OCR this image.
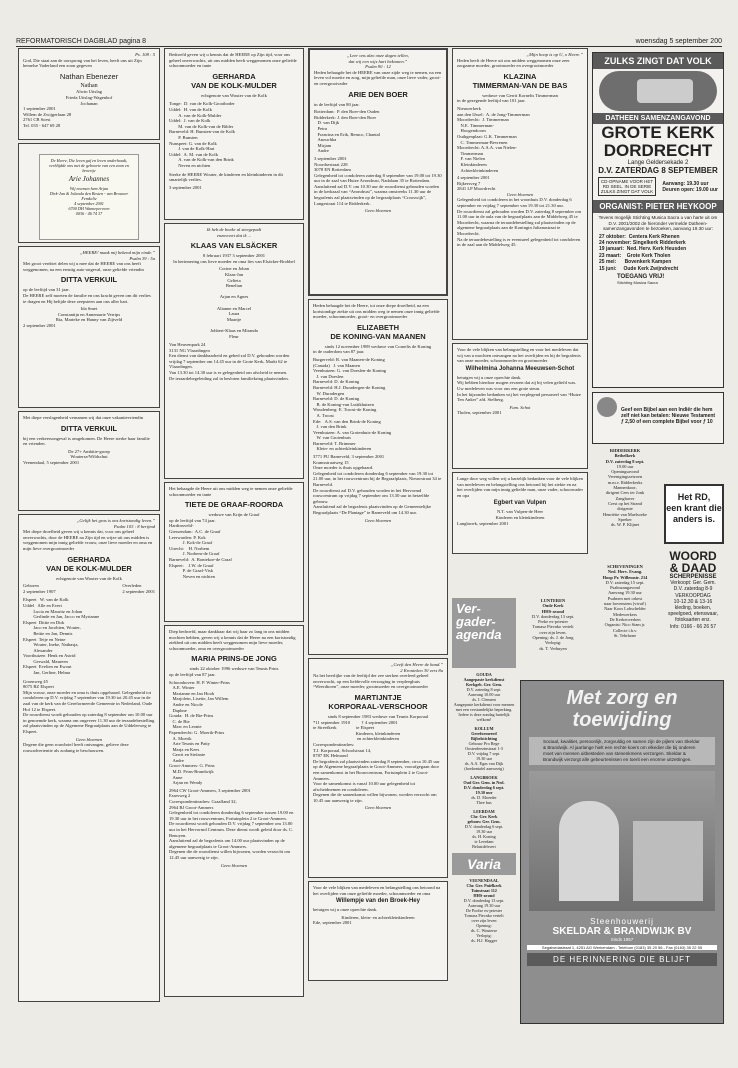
REFORMATORISCH DAGBLAD pagina 8	woensdag 5 september 200
Ps. 108 : 5

God, Die staat aan de oorsprong van het leven, heeft ons uit Zijn hemelse Vaderland een zoon gegeven

Nathan Ebenezer
Nathan
Alwin Uitslag
Frieda Uitslag-Wagenhof
Jochanan
1 september 2001
Willem de Zwijgerlaan 28
2761 CB Soest
Tel. 035 - 647 69 28
De Heere, Die leven gaf en leven onderhoudt, verblijdde ons met de geboorte van een zoon en broertje
Arie Johannes
Wij noemen hem Arjan
Dirk-Jan & Jolanda den Besten - van Brouwer
Femkelie
4 september 2001
6700 DH Wanneperveen
0036 - 46 74 37
„HEERE! maak mij bekend mijn einde.”
Psalm 39 : 5a

Met groot verdriet delen wij u mee dat de HEERE van ons heeft weggenomen, na een ernstig auto-ongeval, onze geliefde vriendin

DITTA VERKUIL

op de leeftijd van 31 jaar.
De HEERE zelf moeten de familie en ons kracht geven om dit verlies te dragen en Hij belijde deze zeepsteen aan ons aller hart.

Ida Smet
Constantijn en Annemarie Verrips
Ria, Marieke en Hanny van Zijtveld
2 september 2001

Met diepe verslagenheid vernamen wij dat onze vakantievriendin

DITTA VERKUIL

bij een verkeersongeval is omgekomen. De Heere sterke haar familie en vrienden.

De 27+ Ambitie-groep
Wouterse/Wildschut
Veenendaal, 5 september 2001
„Gelijk het gras is ons kortstondig leven.”
Psalm 103 : 8 berijmd

Met diepe droefheid geven wij u kennis dat, voor ons geheel onverwachts, door de HEERE na Zijn tijd en wijze uit ons midden is weggenomen mijn innig geliefde vrouw, onze lieve moeder en oma en mijn lieve overgrootmoeder

GERHARDA
VAN DE KOLK-MULDER
echtgenote van Wouter van de Kolk
Geboren
2 september 1907
Overleden
2 september 2001
Elspeet   W. van de Kolk
Uddel   Alle en Evert
Lucia en Mauritz en Johan
Gerlinde en Jan, Jacco en Myrianne
Elspeet  Dittie en Dirk
Jaco en Jacobien, Wouter,
Bettie en Jan, Dennis
Elspeet  Teije en Neine
Wouter, Ineke, Nathasja,
Alexander
Voorthuizen  Henk en Astrid
Gerwald, Maureen
Elspeet  Evelien en Ewout
Jan, Gerline, Helma
Groenweg 45
8075 RZ Elspeet

Mijn vrouw, onze moeder en oma is thuis opgebaard. Gelegenheid tot condoleren op D.V. vrijdag 7 september van 19.30 tot 20.45 uur in de zaal van de kerk van de Gereformeerde Gemeente in Nederland, Oude Hof 12 te Elspeet.
De rouwdienst wordt gehouden op zaterdag 8 september om 10.00 uur in genoemde kerk, waarna om ongeveer 11.30 uur de teraardebestelling zal plaatsvinden op de Algemene Begraafplaats aan de Uddelerweg te Elspeet.

Geen bloemen

Degene die geen rouwbrief heeft ontvangen, gelieve deze rouwadvertentie als zodanig te beschouwen.

Bedroefd geven wij u kennis dat de HEERE op Zijn tijd, voor ons geheel onverwachts, uit ons midden heeft weggenomen onze geliefde schoonmoeder en tante

GERHARDA
VAN DE KOLK-MULDER
echtgenote van Wouter van de Kolk
Tonge:  D. van de Kolk-Grootboder
Uddel:  H. van de Kolk
A. van de Kolk-Mulder
Uddel:  J. van de Kolk
M. van de Kolk-van de Bilder
Barneveld: H. Bunsten-van de Kolk
P. Bunsten
Nunspeet: G. van de Kolk
J. van de Kolk-Hart
Uddel:  A. M. van de Kolk
A. van de Kolk-van den Brink
Neven en nichten

Sterke de HEERE Wouter, de kinderen en kleinkinderen in dit smartelijk verlies.

3 september 2001
Ik heb de boeke al steegepadt
enzovoort dat ik ...
KLAAS VAN ELSÄCKER
8 februari 1937 3 september 2001

In herinnering ons lieve moeder en oma lies van Elsäcker-Brobbel

Corine en Johan
Klaas-Jan
Gelieta
Benelian

Arjan en Agnes

Alianne en Marcel
Laura
Maartje

Johbert-Klaas en Miranda
Fleur
Van Heuvenpark 24
3131 NG Vlaardingen

Een dienst van dankbaarheid en gebed zal D.V. gehouden worden vrijdag 7 september om 14.45 uur in de Grote Kerk, Markt 62 te Vlaardingen.
Van 13.30 tot 14.30 uur is er gelegenheid om afscheid te nemen.
De teraardebegeleiding zal in besloten familiekring plaatsvinden.

Het behaagde de Heere uit ons midden weg te nemen onze geliefde schoonmoeder en tante

TIETE DE GRAAF-ROORDA
weduwe van Krijn de Graaf
op de leeftijd van 74 jaar.
Hardinxveld-
Giessendam:  A.C. de Graaf
Leerwarden: P. Kok
J. Kok-de Graaf
Utrecht:    H. Norbem
J. Norbem-de Graaf
Barneveld:  A. Bontekoe-de Graaf
Elspeet:    J.W. de Graaf
P. de Graaf-Visk
Neven en nichten

Diep bedroefd, maar dankbaar dat wij haar zo lang in ons midden mochten hebben, geven wij u kennis dat de Heere na een kortstondig ziekbed uit ons midden heeft weggenomen mijn lieve moeder, schoonmoeder, oma en overgrootmoeder

MARIA PRINS-DE JONG
sinds 22 oktober 1996 weduwe van Teunis Prins
op de leeftijd van 87 jaar.
Schoonhoven: H. P. Winter-Prins
A.E. Winter
Marianne en Jan Hook
Marjolein, Lisette, Jan Willem
Andre en Nicole
Daphne
Gouda:  H. de Bie-Prins
C. de Bie
Marc en Leonie
Papendrecht: G. Moerik-Prins
A. Moerik
Arie Teunis en Patty
Marja en Kees
Gerrit en Stefanie
Andre
Groot-Ammers: G. Prins
M.D. Prins-Brandwijk
Anne
Arjan en Wendy
2964 CW Groot-Ammers, 3 september 2001
Essesweg 2
Correspondentieadres: Graafland 32,
2964 BJ Groot-Ammers

Gelegenheid tot condoleren donderdag 6 september tussen 19.00 en 19.30 uur in het rouwcentrum, Fortuinplein 2 te Groot-Ammers.
De rouwdienst wordt gehouden D.V. vrijdag 7 september om 13.00 uur in het Hervormd Centrum. Deze dienst wordt geleid door ds. C. Benoyen.
Aansluitend zal de begrafenis om 14.00 uur plaatsvinden op de algemene begraafplaats te Groot-Ammers.
Degenen die de rouwdienst willen bijwonen, worden verzocht om 12.45 uur aanwezig te zijn.

Geen bloemen
„Leer ons alzo onze dagen tellen,
dat wij een wijs hart bekomen.”
Psalm 90 : 12

Heden behaagde het de HEERE van onze zijde weg te nemen, na een leven vol moeite en zorg, mijn geliefde man, onze lieve vader, groot- en overgrootvader

ARIE DEN BOER
in de leeftijd van 80 jaar.
Rotterdam:  P. den Boer-den Ouden
Ridderkerk: J. den Boer-den Boer
D. van Dijk
Petra
Francina en Erik, Remco, Chantal
Anouchka
Mirjam
Andre
3 september 2001
Noordsestraat 228
3078 EN Rotterdam

Gelegenheid tot condoleren zaterdag 8 september van 19.00 tot 19.30 uur in de zaal van Huize Avondrust, Nadalaan 35 te Rotterdam.
Aansluitend zal D.V. om 10.30 uur de rouwdienst gehouden worden in de kerkzaal van “Avondrust”, waarna omstreeks 11.30 uur de begrafenis zal plaatsvinden op de begraafplaats “Crooswijk”, Langestraat 114 te Ridderkerk.

Geen bloemen

Heden behaagde het de Heere, tot onze diepe droefheid, na een kortstondige ziekte uit ons midden weg te nemen onze innig geliefde moeder, schoonmoeder, groot- en overgrootmoeder

ELIZABETH
DE KONING-VAN MAANEN
sinds 12 november 1989 weduwe van Cornelis de Koning
in de ouderdom van 87 jaar.
Burgerveld: R. van Maanen-de Koning
(Canada)   J. van Maanen
Veenhuizen: G. van Doeslen-de Koning
J. van Doeslen
Barneveld: D. de Koning
Barneveld: H.J. Duradergen-de Koning
W. Duradergen
Barneveld: D. de Koning
B. de Koning-van Luttikhuizen
Woudenberg: E. Troost-de Koning
A. Troost
Ede:   A.S. van den Brink-de Koning
J. van den Brink
Veenhuizen: A. van Grotenhuis-de Koning
W. van Grotenhuis
Barneveld: T. Brimmer
Klein- en achterkleinkinderen
3771 PU Barneveld, 3 september 2001
Kramsstraatweg 15

Onze moeder is thuis opgebaard.
Gelegenheid tot condoleren donderdag 6 september van 19.30 tot 21.00 uur, in het rouwcentrum bij de Begraafplaats, Nieuwstraat 34 te Barneveld.
De rouwdienst zal D.V. gehouden worden in het Hervormd rouwcentrum op vrijdag 7 september om 13.30 uur in hetzelfde gebouw.
Aansluitend zal de begrafenis plaatsvinden op de Gemeentelijke Begraafplaats “De Plantage” te Barneveld om 14.30 uur.

Geen bloemen
„Geeft den Heere de hand.”
2 Kronieken 30 vers 8a

Na het heerlijke van de leeftijd der zee sterken overleed geheel onverwacht, op een liefdevolle verzorging in verpleeghuis “Weerdtoren”, onze moeder, grootmoeder en overgrootmoeder

MARTIJNTJE
KORPORAAL-VERSCHOOR
sinds 8 september 1983 weduwe van Teunis Korporaal
*11 september 1910          † 4 september 2001
te Streefkerk                 te Elspeet
Kinderen, kleinkinderen
en achterkleinkinderen
Correspondentieadres:
T.J. Korporaal, Schoolstraat 14,
8787 EK Helmond

De begrafenis zal plaatsvinden zaterdag 8 september, circa 10.45 uur op de Algemene begraafplaats te Groot-Ammers, voorafgegaan door een samenkomst in het Bouwcentrum, Fortuinplein 2 te Groot-Ammers.
Voor de samenkomst is vanaf 10.00 uur gelegenheid tot afscheidnemen en condoleren.
Degenen die de samenkomst willen bijwonen, worden verzocht om 10.45 uur aanwezig te zijn.

Geen bloemen

Voor de vele blijken van medeleven en belangstelling ons betoond na het overlijden van onze geliefde moeder, schoonmoeder en oma

Willempje van den Broek-Hey

betuigen wij u onze oprechte dank.

Kinderen, klein- en achterkleinkinderen
Ede, september 2001
„Mijn hoop is op U, o Heere.”

Heden heeft de Heere uit ons midden weggenomen onze zeer zorgzame moeder, grootmoeder en overgrootmoeder

KLAZINA
TIMMERMAN-VAN DE BAS
weduwe van Gerrit Kornelis Timmerman
in de gezegende leeftijd van 101 jaar.
Nieuwerkerk
aan den IJssel:  A. de Jong-Timmerman
Moordrecht:  J. Timmerman
N.E. Timmerman-
Hoogendoorn
Outhgenplaat: G.K. Timmerman
C. Timmerman-Bevrenen
Moordrecht: A.A.A. van Nielen-
Timmerman
F. van Nielen
Kleinkinderen
Achterkleinkinderen
4 september 2001
Rijkersveg 7
2841 LP Moordrecht
Geen bloemen

Gelegenheid tot condoleren in het woonhuis D.V. donderdag 6 september en vrijdag 7 september van 19.30 tot 21.30 uur.
De rouwdienst zal gehouden worden D.V. zaterdag 8 september om 11.00 uur in de aula van de begraafplaats aan de Middelweg 45 te Moordrecht, waarna de teraardebestelling zal plaatsvinden op de algemene begraafplaats aan de Koningin Julianastraat te Moordrecht.
Na de teraardebestelling is er eventueel gelegenheid tot condoleren in de zaal aan de Middelweg 45.

Voor de vele blijken van belangstelling en voor het medeleven dat wij van u mochten ontvangen na het overlijden en bij de begrafenis van onze moeder, schoonmoeder en grootmoeder

Wilhelmina Johanna Meeuwsen-Schot

betuigen wij u onze oprechte dank.
Wij hebben hierdoor mogen ervaren dat zij bij velen geliefd was.
Uw medeleven was voor ons een grote steun.
In het bijzonder bedanken wij het verplegend personeel van “Huize Ten Anker” afd. Stelberg.

Fam. Schot
Tholen, september 2001

Lange door weg willen wij u hartelijk bedanken voor de vele blijken van medeleven en belangstelling ons betoond bij het ziekte en na het overlijden van mijn innig geliefde man, onze vader, schoonvader en opa

Egbert van Vulpen
N.T. van Vulpen-de Heer
Kinderen en kleinkinderen
Langbroek, september 2001
Ver-
gader-
agenda
LUNTEREN
Oude Kerk
HHS-avond
D.V. donderdag 13 sept.
Preke ex-priester
Tomasz Piecnko vertelt
over zijn leven.
Opening: ds. J. de Jong
Verlopig:
ds. T. Verhuyen
GOUDA
Aangepaste kerkdienst
Kerkgeb. Ger. Gem.
D.V. zaterdag 8 sept.
Aanvang 10.00 uur
ds. I. Clement
Aangepaste kerkdienst voor mensen met een verstandelijke beperking. Iedere is deze zondag hartelijk welkom!
KOLLUM
Gereformeerd
Bijbelstichting
Gebouw Pro Rege
Oosterdeezinstraat 1-3
D.V. vrijdag 7 sept.
19.30 uur
ds. A.A. Egas van Dijk
(boekentafel aanwezig)
LANGBROEK
Oud Ger. Gem. in Ned.
D.V. donderdag 6 sept.
19.30 uur
ds. D. Moerder
Thee bus
LEERDAM
Chr. Ger. Kerk
gebouw Ger. Gem.
D.V. donderdag 6 sept.
19.30 uur
ds. H. Koning
te Leerdam
Belastdelsvert
Varia
VEENENDAAL
Chr. Ger. Pniëlkerk
Tuinstraat 112
HHS-avond
D.V. donderdag 13 sept.
Aanvang 19.30 uur
De Poolse ex-priester
Tomasz Piecnko vertelt
over zijn leven
Opening:
ds. C. Wouterse
Verlopig:
ds. H.J. Hagger
ZULKS ZINGT DAT VOLK
DATHEEN SAMENZANGAVOND
GROTE KERK
DORDRECHT
Lange Geldersekade 2
D.V. ZATERDAG 8 SEPTEMBER
CD-OPNAME VOOR HET RD SEEL. IN DE SERIE ZULKS ZINGT DAT VOLK
Aanvang: 19.30 uur
Deuren open: 19.00 uur
ORGANIST: PIETER HEYKOOP
Tevens mogelijk Stichting Musica Sacra u van harte uit om D.V. 2001/2002 de hieronder vermelde Datheen-samenzangavonden te bezoeken, aanvang 19.30 uur:
27 oktober:  Centera Kerk Rhenen
24 november: Singelkerk Ridderkerk
19 januari:  Ned. Herv. Kerk Heusden
23 maart:    Grote Kerk Tholen
25 mei:      Bovenkerk Kampen
15 juni:     Oude Kerk Zwijndrecht
TOEGANG VRIJ!
Stichting Musica Sacra
Geef een Bijbel aan een Indiër die hem zelf niet kan betalen: Nieuwe Testament ƒ 2,50 of een complete Bijbel voor ƒ 10
RIDDERKERK
Bethelkerk
D.V. zaterdag 8 sept.
19.00 uur
Openingsavond
Verenigingsseizoen
m.m.v. Ridderkerks
Mannenkoor,
dirigent Cees ter Jonk
Zanghaver
Crest op het Strand
dirigente
Henriëtte van Maelsoeke
Spreker
ds. W. P. Klijnet
Het RD,
een krant die
anders is.
SCHEVENINGEN
Ned. Herv. Evang.
Hoop Pr. Willemstr. 214
D.V. zaterdag 15 sept.
Psalmzangavond
Aanvang 19.30 uur
Psalmen met orkest
naar bovenstem (vivat!)
Naar Koos Lohschelder
Medewerkers
De Kerkeoverken
Organist: Nico Stam jr.
Collecte t.b.v.
St. Tebrhone
WOORD
& DAAD
SCHERPENISSE
Verkoopt: Ger. Gem.
D.V. zaterdag 8-9
VERKOOPDAG
10-12.30 & 13-16
kleding, boeken,
speelgoed, etenswaar,
fotokaarten enz.
Info: 0166 - 66 26 57
Met zorg en toewijding
Sociaal, kwalitiet, persoonlijk, zorgvuldig en samen zijn de pijlers van Skeldar & Brandwijk. Al jaarlange hielt een rechte koers om elkedier die bij onderen moet van mensen uitbesteden van stenenkmens verzorgen. Skeldar & Brandwijk verzorgt alle gebeurtenissen en toerit een enorme uitzettingen.
Steenhouwerij
SKELDAR & BRANDWIJK BV
Sinds 1957
Segalvedastraat 1, 4251 AG Werkendam - Telefoon (0183) 35 20 56 - Fax (0183) 35 22 55
DE HERINNERING DIE BLIJFT
